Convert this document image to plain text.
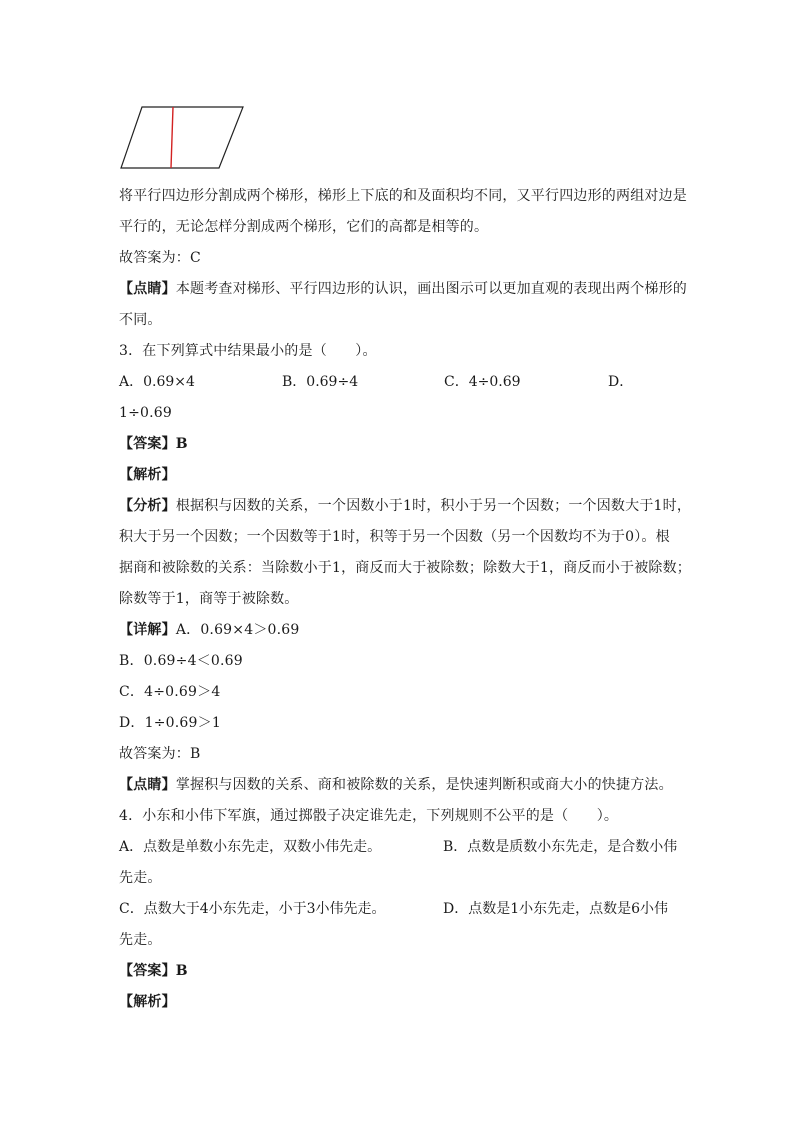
将平行四边形分割成两个梯形，梯形上下底的和及面积均不同，又平行四边形的两组对边是
平行的，无论怎样分割成两个梯形，它们的高都是相等的。
故答案为：C
【点睛】本题考查对梯形、平行四边形的认识，画出图示可以更加直观的表现出两个梯形的
不同。
3．在下列算式中结果最小的是（　　）。
A．0.69×4	B．0.69÷4	C．4÷0.69	D．
1÷0.69
【答案】B
【解析】
【分析】根据积与因数的关系，一个因数小于1时，积小于另一个因数；一个因数大于1时，
积大于另一个因数；一个因数等于1时，积等于另一个因数（另一个因数均不为于0）。根
据商和被除数的关系：当除数小于1，商反而大于被除数；除数大于1，商反而小于被除数；
除数等于1，商等于被除数。
【详解】A．0.69×4＞0.69
B．0.69÷4＜0.69
C．4÷0.69＞4
D．1÷0.69＞1
故答案为：B
【点睛】掌握积与因数的关系、商和被除数的关系，是快速判断积或商大小的快捷方法。
4．小东和小伟下军旗，通过掷骰子决定谁先走，下列规则不公平的是（　　）。
A．点数是单数小东先走，双数小伟先走。	B．点数是质数小东先走，是合数小伟
先走。
C．点数大于4小东先走，小于3小伟先走。	D．点数是1小东先走，点数是6小伟
先走。
【答案】B
【解析】
